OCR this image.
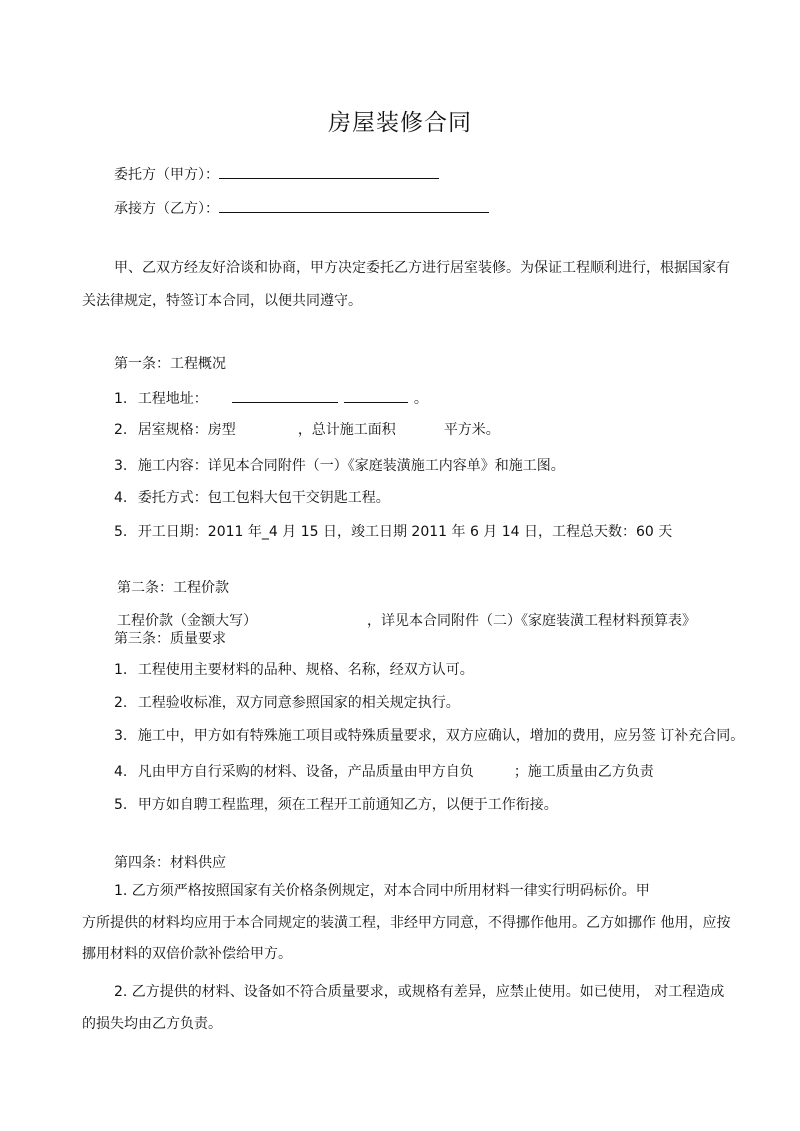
房屋装修合同
委托方（甲方）：
承接方（乙方）：
甲、乙双方经友好洽谈和协商，甲方决定委托乙方进行居室装修。为保证工程顺利进行，根据国家有
关法律规定，特签订本合同，以便共同遵守。
第一条：工程概况
1. 工程地址：	。
2. 居室规格：房型	，总计施工面积	平方米。
3. 施工内容：详见本合同附件（一）《家庭装潢施工内容单》和施工图。
4. 委托方式：包工包料大包干交钥匙工程。
5. 开工日期：2011 年_4 月 15 日，竣工日期 2011 年 6 月 14 日，工程总天数：60 天
第二条：工程价款
工程价款（金额大写）	，详见本合同附件（二）《家庭装潢工程材料预算表》
第三条：质量要求
1. 工程使用主要材料的品种、规格、名称，经双方认可。
2. 工程验收标准，双方同意参照国家的相关规定执行。
3. 施工中，甲方如有特殊施工项目或特殊质量要求，双方应确认，增加的费用，应另签 订补充合同。
4. 凡由甲方自行采购的材料、设备，产品质量由甲方自负	；施工质量由乙方负责
5. 甲方如自聘工程监理，须在工程开工前通知乙方，以便于工作衔接。
第四条：材料供应
1. 乙方须严格按照国家有关价格条例规定，对本合同中所用材料一律实行明码标价。甲
方所提供的材料均应用于本合同规定的装潢工程，非经甲方同意，不得挪作他用。乙方如挪作 他用，应按
挪用材料的双倍价款补偿给甲方。
2. 乙方提供的材料、设备如不符合质量要求，或规格有差异，应禁止使用。如已使用， 对工程造成
的损失均由乙方负责。
